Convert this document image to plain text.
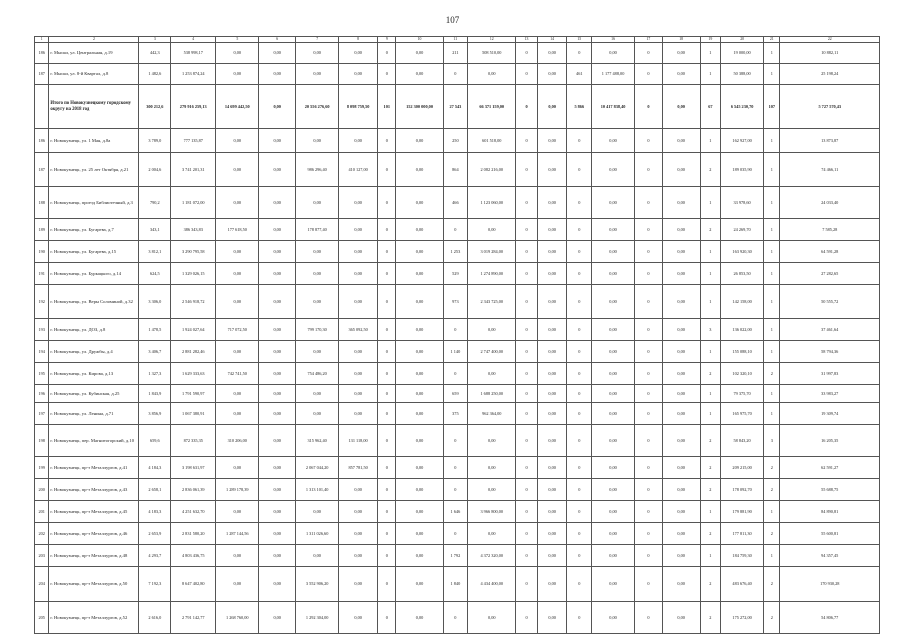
107
1	2	3	4	5	6	7	8	9	10	11	12	13	14	15	16	17	18	19	20	21	22
186	г. Мыски, ул. Центральная, д.19	442,3	538 998,17	0,00	0,00	0,00	0,00	0	0,00	211	508 510,00	0	0,00	0	0,00	0	0,00	1	19 000,00	1	10 882,11
187	г. Мыски, ул. 8-й Квартал, д.8	1 482,6	1 253 874,24	0,00	0,00	0,00	0,00	0	0,00	0	0,00	0	0,00	461	1 177 488,00	0	0,00	1	50 388,00	1	25 198,24
	Итого по Новокузнецкому городскому округу на 2018 год	300 212,6	279 916 259,13	14 699 442,50	0,00	20 556 276,60	8 098 759,50	101	152 300 000,00	27 543	66 371 159,00	0	0,00	5 866	10 417 838,40	0	0,00	67	6 545 230,70	107	5 727 570,43
186	г. Новокузнецк, ул. 1 Мая, д.8а	3 789,0	777 135,87	0,00	0,00	0,00	0,00	0	0,00	250	601 518,00	0	0,00	0	0,00	0	0,00	1	162 927,00	1	13 873,87
187	г. Новокузнецк, ул. 25 лет Октября, д.21	2 004,6	3 741 201,31	0,00	0,00	986 296,40	410 127,00	0	0,00	864	2 082 216,00	0	0,00	0	0,00	0	0,00	2	189 035,90	1	74 466,11
188	г. Новокузнецк, проезд Библиотечный, д.3	790,2	1 181 072,00	0,00	0,00	0,00	0,00	0	0,00	466	1 123 060,00	0	0,00	0	0,00	0	0,00	1	33 978,60	1	24 033,40
189	г. Новокузнецк, ул. Бугарева, д.7	343,1	386 343,83	177 618,50	0,00	178 877,40	0,00	0	0,00	0	0,00	0	0,00	0	0,00	0	0,00	2	24 269,70	1	7 585,28
190	г. Новокузнецк, ул. Бугарева, д.15	3 812,1	3 290 795,58	0,00	0,00	0,00	0,00	0	0,00	1 253	3 019 284,00	0	0,00	0	0,00	0	0,00	1	163 920,30	1	64 591,28
191	г. Новокузнецк, ул. Буркацкого, д.14	624,5	1 329 026,15	0,00	0,00	0,00	0,00	0	0,00	529	1 274 890,00	0	0,00	0	0,00	0	0,00	1	26 853,50	1	27 282,65
192	г. Новокузнецк, ул. Веры Соломиной, д.32	3 306,0	2 546 918,72	0,00	0,00	0,00	0,00	0	0,00	973	2 343 725,00	0	0,00	0	0,00	0	0,00	1	142 158,00	1	50 555,72
193	г. Новокузнецк, ул. ДОЗ, д.8	1 478,5	1 924 027,64	717 072,50	0,00	799 170,30	365 092,50	0	0,00	0	0,00	0	0,00	0	0,00	0	0,00	3	136 022,00	1	37 461,64
194	г. Новокузнецк, ул. Дружбы, д.4	3 406,7	2 881 282,46	0,00	0,00	0,00	0,00	0	0,00	1 140	2 747 400,00	0	0,00	0	0,00	0	0,00	1	155 088,10	1	58 794,36
195	г. Новокузнецк, ул. Кирова, д.13	1 327,3	1 629 333,63	742 741,50	0,00	754 486,20	0,00	0	0,00	0	0,00	0	0,00	0	0,00	0	0,00	2	102 320,10	2	31 997,83
196	г. Новокузнецк, ул. Кубинская, д.25	1 843,9	1 791 590,97	0,00	0,00	0,00	0,00	0	0,00	659	1 688 250,00	0	0,00	0	0,00	0	0,00	1	79 375,70	1	33 983,27
197	г. Новокузнецк, ул. Ленина, д.71	3 856,9	1 067 380,91	0,00	0,00	0,00	0,00	0	0,00	375	962 364,00	0	0,00	0	0,00	0	0,00	1	165 975,70	1	19 309,74
198	г. Новокузнецк, пер. Магнитогорский, д.10	659,6	872 335,35	310 206,00	0,00	315 962,40	131 118,00	0	0,00	0	0,00	0	0,00	0	0,00	0	0,00	2	58 843,20	3	16 205,35
199	г. Новокузнецк, пр-т Металлургов, д.41	4 184,3	3 198 631,97	0,00	0,00	2 067 044,20	857 781,50	0	0,00	0	0,00	0	0,00	0	0,00	0	0,00	2	209 215,00	2	62 591,27
200	г. Новокузнецк, пр-т Металлургов, д.43	2 658,1	2 836 061,39	1 289 178,39	0,00	1 313 101,40	0,00	0	0,00	0	0,00	0	0,00	0	0,00	0	0,00	2	178 092,70	2	55 688,75
201	г. Новокузнецк, пр-т Металлургов, д.45	4 183,3	4 251 632,70	0,00	0,00	0,00	0,00	0	0,00	1 646	3 966 800,00	0	0,00	0	0,00	0	0,00	1	179 881,90	1	84 890,81
202	г. Новокузнецк, пр-т Металлургов, д.46	2 653,9	2 831 580,20	1 287 144,56	0,00	1 311 026,60	0,00	0	0,00	0	0,00	0	0,00	0	0,00	0	0,00	2	177 811,30	2	55 600,81
203	г. Новокузнецк, пр-т Металлургов, д.48	4 293,7	4 803 436,75	0,00	0,00	0,00	0,00	0	0,00	1 792	4 372 320,00	0	0,00	0	0,00	0	0,00	1	184 759,30	1	94 357,45
204	г. Новокузнецк, пр-т Металлургов, д.50	7 192,3	8 647 402,80	0,00	0,00	3 552 906,20	0,00	0	0,00	1 840	4 434 400,00	0	0,00	0	0,00	0	0,00	2	483 676,40	2	170 930,28
205	г. Новокузнецк, пр-т Металлургов, д.52	2 616,0	2 791 142,77	1 268 760,00	0,00	1 292 304,00	0,00	0	0,00	0	0,00	0	0,00	0	0,00	0	0,00	2	175 272,00	2	54 806,77
